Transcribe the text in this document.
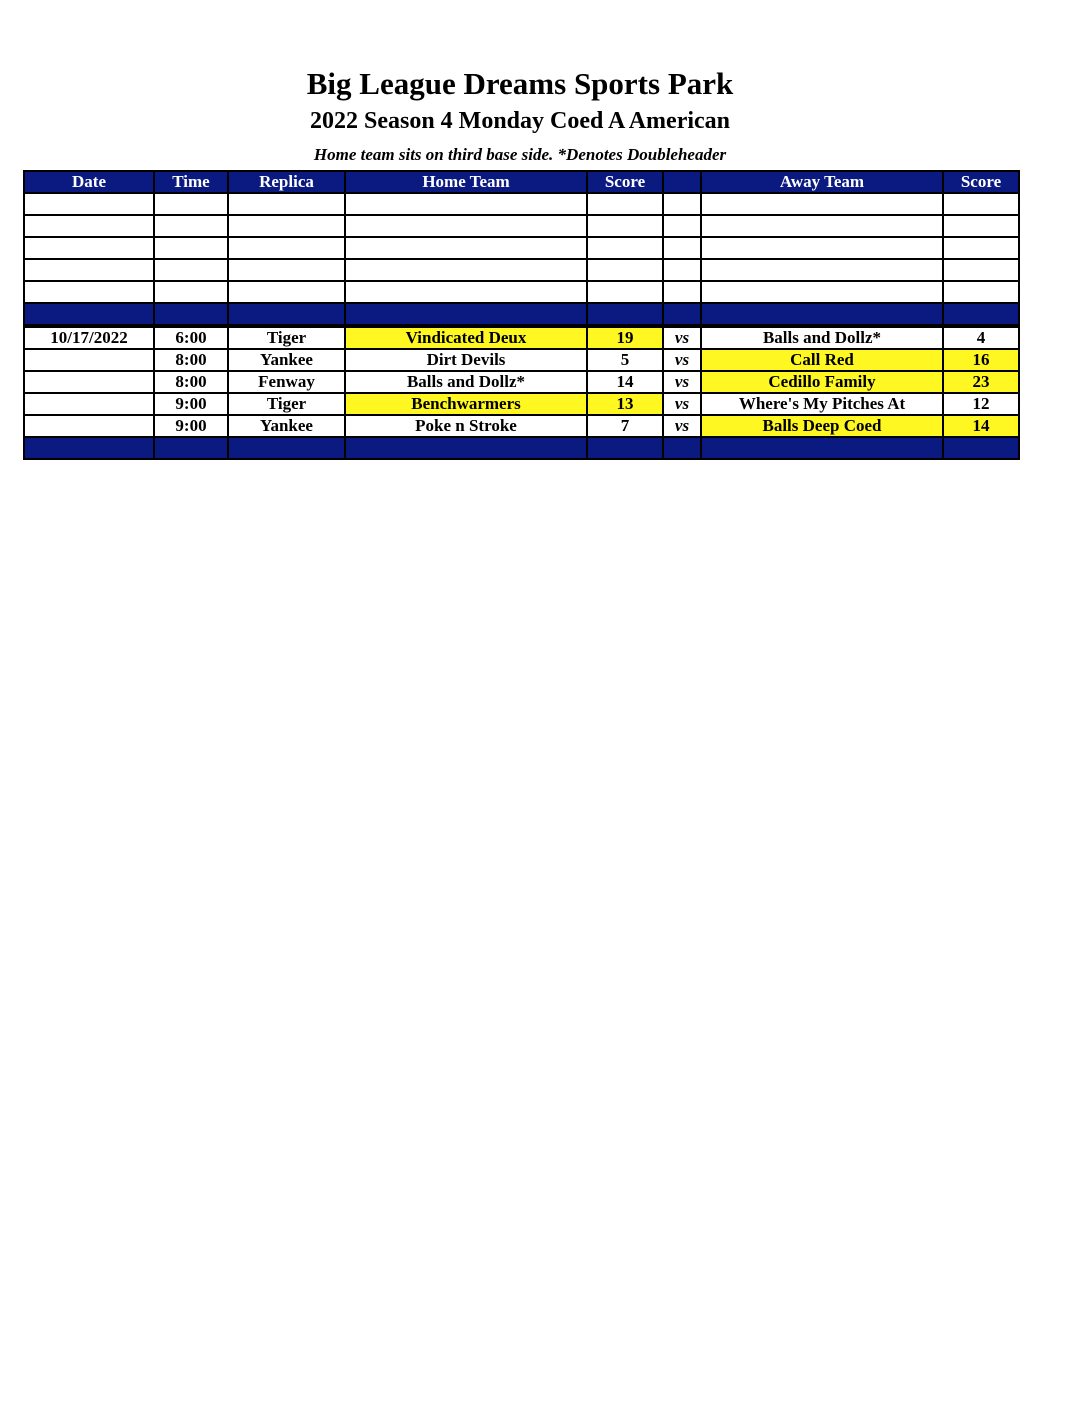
Big League Dreams Sports Park
2022 Season 4 Monday Coed A American
Home team sits on third base side. *Denotes Doubleheader
Date	Time	Replica	Home Team	Score		Away Team	Score

10/17/2022	6:00	Tiger	Vindicated Deux	19	vs	Balls and Dollz*	4
	8:00	Yankee	Dirt Devils	5	vs	Call Red	16
	8:00	Fenway	Balls and Dollz*	14	vs	Cedillo Family	23
	9:00	Tiger	Benchwarmers	13	vs	Where's My Pitches At	12
	9:00	Yankee	Poke n Stroke	7	vs	Balls Deep Coed	14
